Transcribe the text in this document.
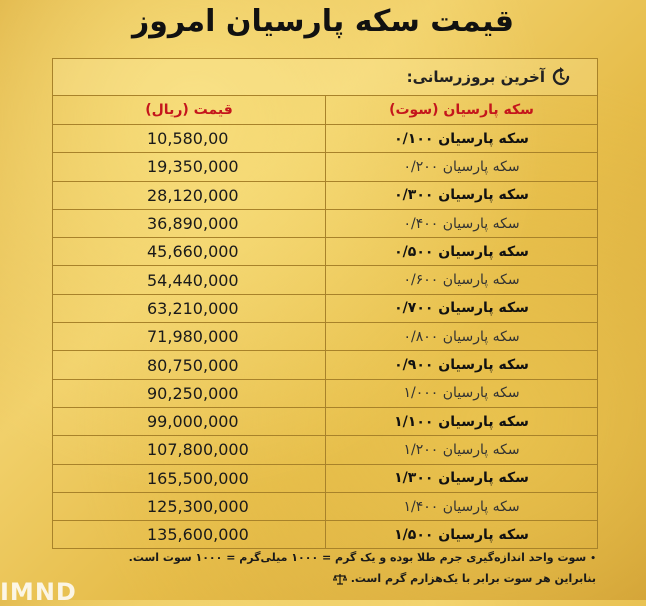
قیمت سکه پارسیان امروز
آخرین بروزرسانی:
سکه پارسیان (سوت)
قیمت (ریال)
سکه پارسیان ۰/۱۰۰
10,580,00
سکه پارسیان ۰/۲۰۰
19,350,000
سکه پارسیان ۰/۳۰۰
28,120,000
سکه پارسیان ۰/۴۰۰
36,890,000
سکه پارسیان ۰/۵۰۰
45,660,000
سکه پارسیان ۰/۶۰۰
54,440,000
سکه پارسیان ۰/۷۰۰
63,210,000
سکه پارسیان ۰/۸۰۰
71,980,000
سکه پارسیان ۰/۹۰۰
80,750,000
سکه پارسیان ۱/۰۰۰
90,250,000
سکه پارسیان ۱/۱۰۰
99,000,000
سکه پارسیان ۱/۲۰۰
107,800,000
سکه پارسیان ۱/۳۰۰
165,500,000
سکه پارسیان ۱/۴۰۰
125,300,000
سکه پارسیان ۱/۵۰۰
135,600,000
•سوت واحد اندازه‌گیری جرم طلا بوده و یک گرم = ۱۰۰۰ میلی‌گرم = ۱۰۰۰ سوت است.
بنابراین هر سوت برابر با یک‌هزارم گرم است.
IMND
